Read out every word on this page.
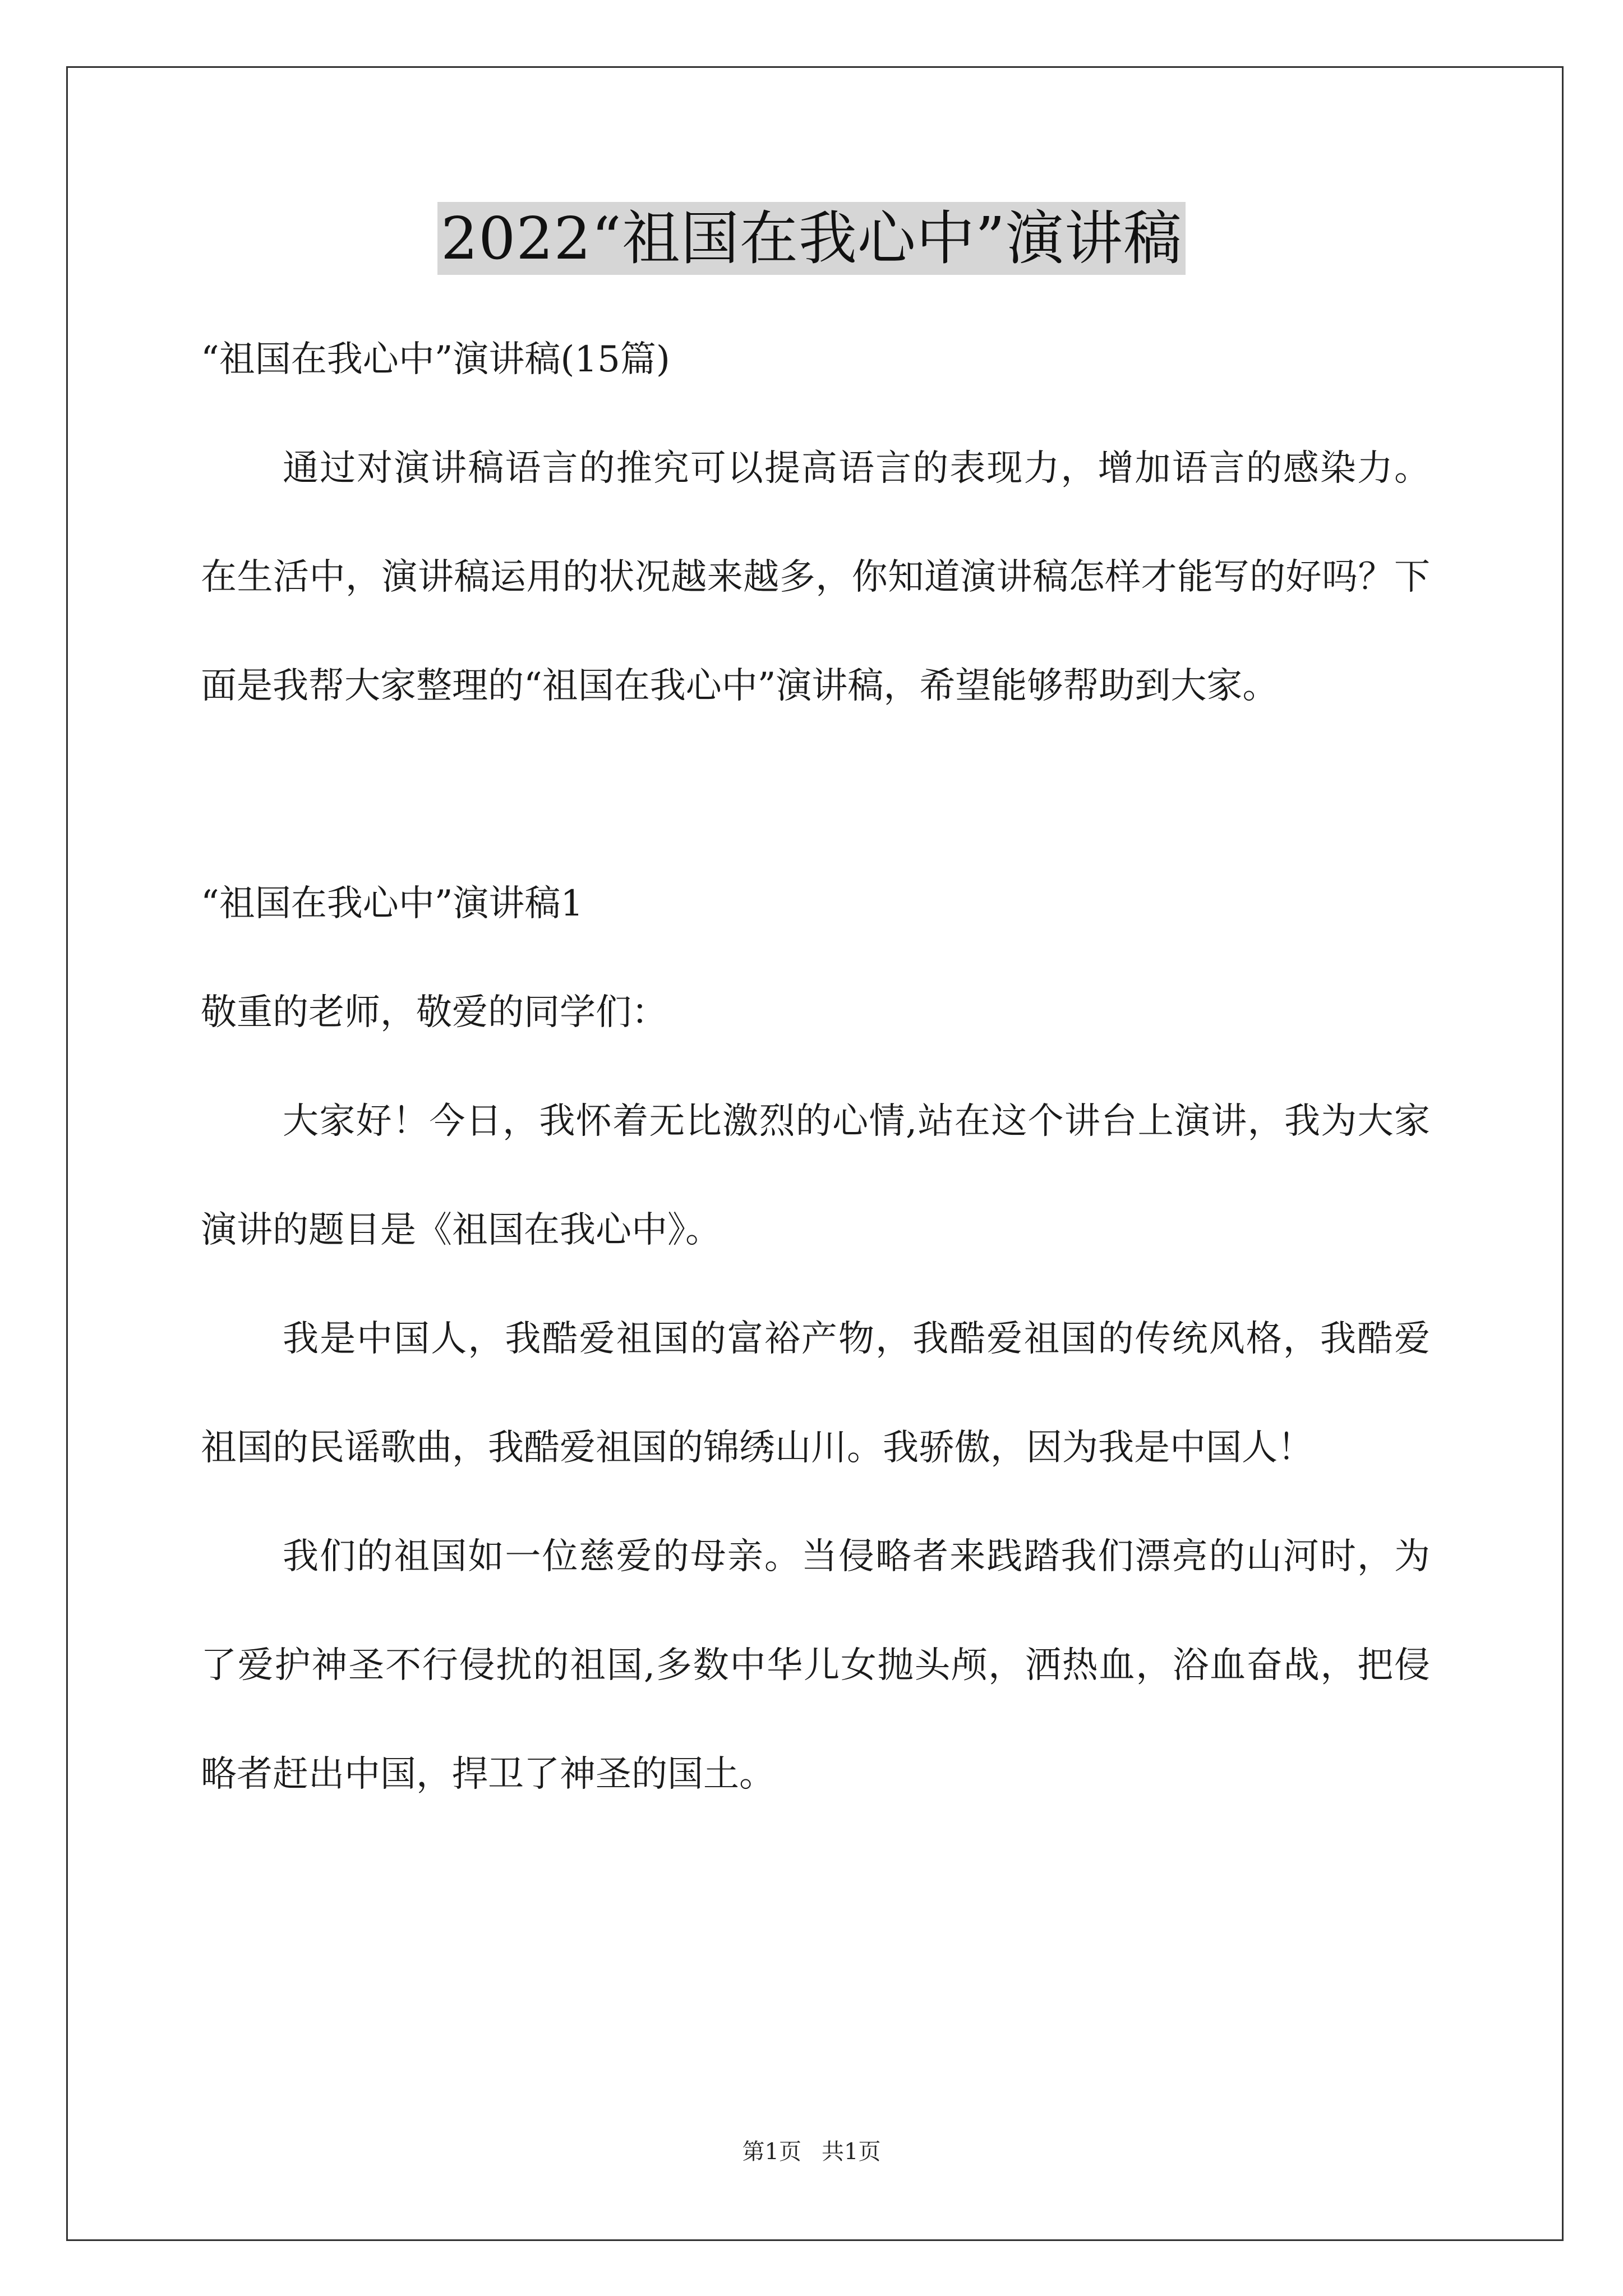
2022“祖国在我心中”演讲稿

“祖国在我心中”演讲稿(15篇)

通过对演讲稿语言的推究可以提高语言的表现力，增加语言的感染力。在生活中，演讲稿运用的状况越来越多，你知道演讲稿怎样才能写的好吗？下面是我帮大家整理的“祖国在我心中”演讲稿，希望能够帮助到大家。

“祖国在我心中”演讲稿1

敬重的老师，敬爱的同学们：

大家好！今日，我怀着无比激烈的心情,站在这个讲台上演讲，我为大家演讲的题目是《祖国在我心中》。

我是中国人，我酷爱祖国的富裕产物，我酷爱祖国的传统风格，我酷爱祖国的民谣歌曲，我酷爱祖国的锦绣山川。我骄傲，因为我是中国人！

我们的祖国如一位慈爱的母亲。当侵略者来践踏我们漂亮的山河时，为了爱护神圣不行侵扰的祖国,多数中华儿女抛头颅，洒热血，浴血奋战，把侵略者赶出中国，捍卫了神圣的国土。

第1页 共1页
